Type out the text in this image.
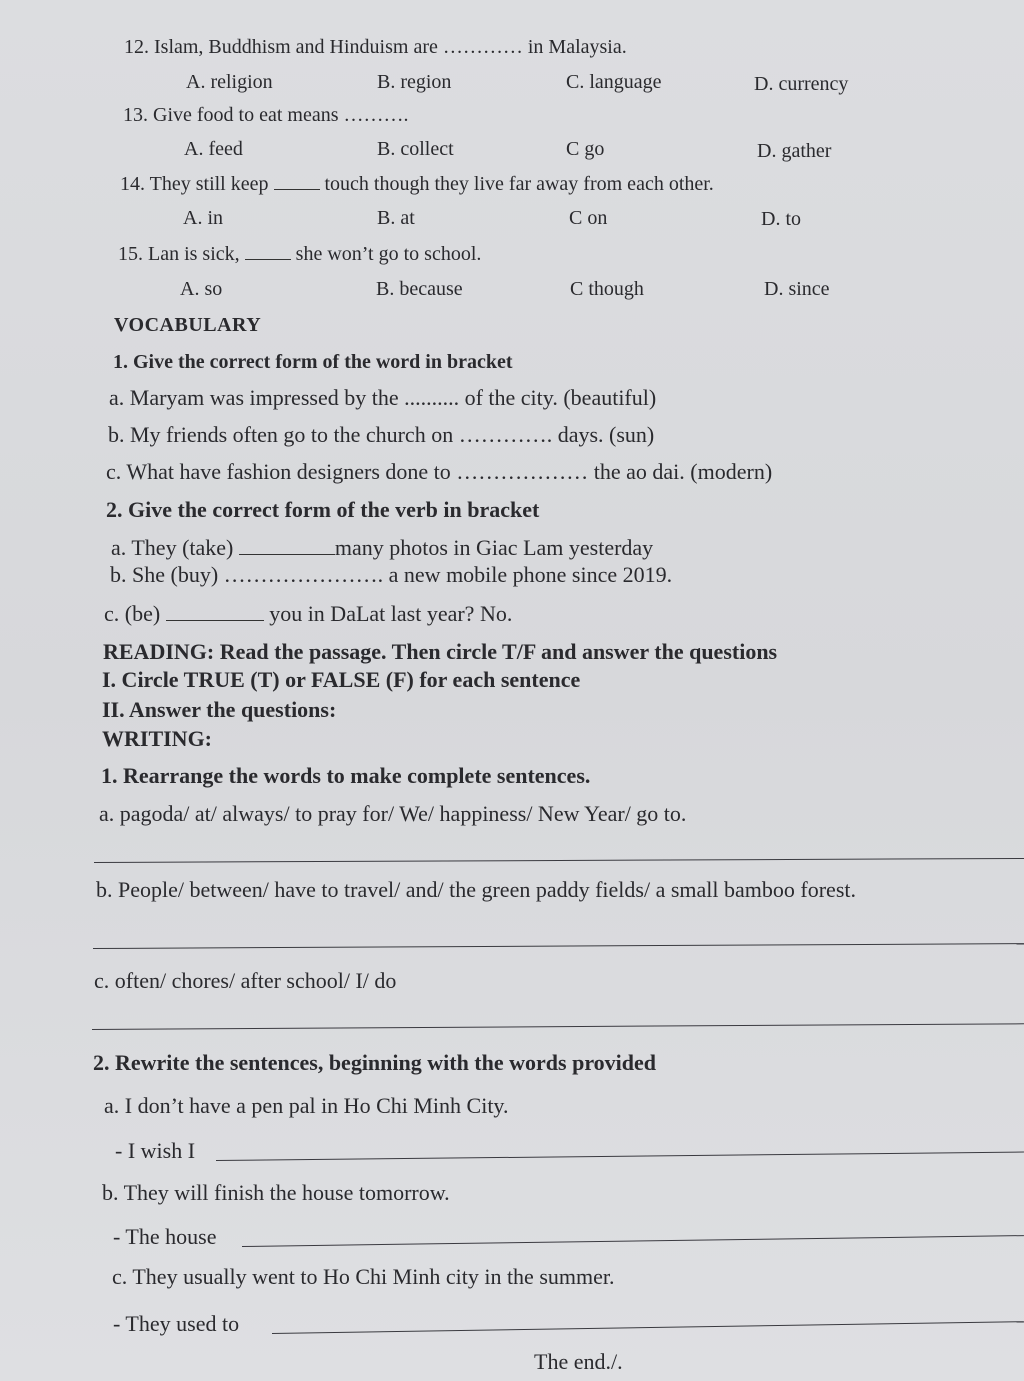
12. Islam, Buddhism and Hinduism are ………… in Malaysia.
A. religion	B. region	C. language	D. currency
13. Give food to eat means ……….
A. feed	B. collect	C go	D. gather
14. They still keep	touch though they live far away from each other.
A. in	B. at	C on	D. to
15. Lan is sick,	she won’t go to school.
A. so	B. because	C though	D. since
VOCABULARY
1. Give the correct form of the word in bracket
a. Maryam was impressed by the .......... of the city. (beautiful)
b. My friends often go to the church on …………. days. (sun)
c. What have fashion designers done to ……………… the ao dai. (modern)
2. Give the correct form of the verb in bracket
a. They (take)	many photos in Giac Lam yesterday
b. She (buy) …………………. a new mobile phone since 2019.
c. (be)	you in DaLat last year? No.
READING: Read the passage. Then circle T/F and answer the questions
I. Circle TRUE (T) or FALSE (F) for each sentence
II. Answer the questions:
WRITING:
1. Rearrange the words to make complete sentences.
a. pagoda/ at/ always/ to pray for/ We/ happiness/ New Year/ go to.
b. People/ between/ have to travel/ and/ the green paddy fields/ a small bamboo forest.
c. often/ chores/ after school/ I/ do
2. Rewrite the sentences, beginning with the words provided
a. I don’t have a pen pal in Ho Chi Minh City.
- I wish I
b. They will finish the house tomorrow.
- The house
c. They usually went to Ho Chi Minh city in the summer.
- They used to
The end./.
